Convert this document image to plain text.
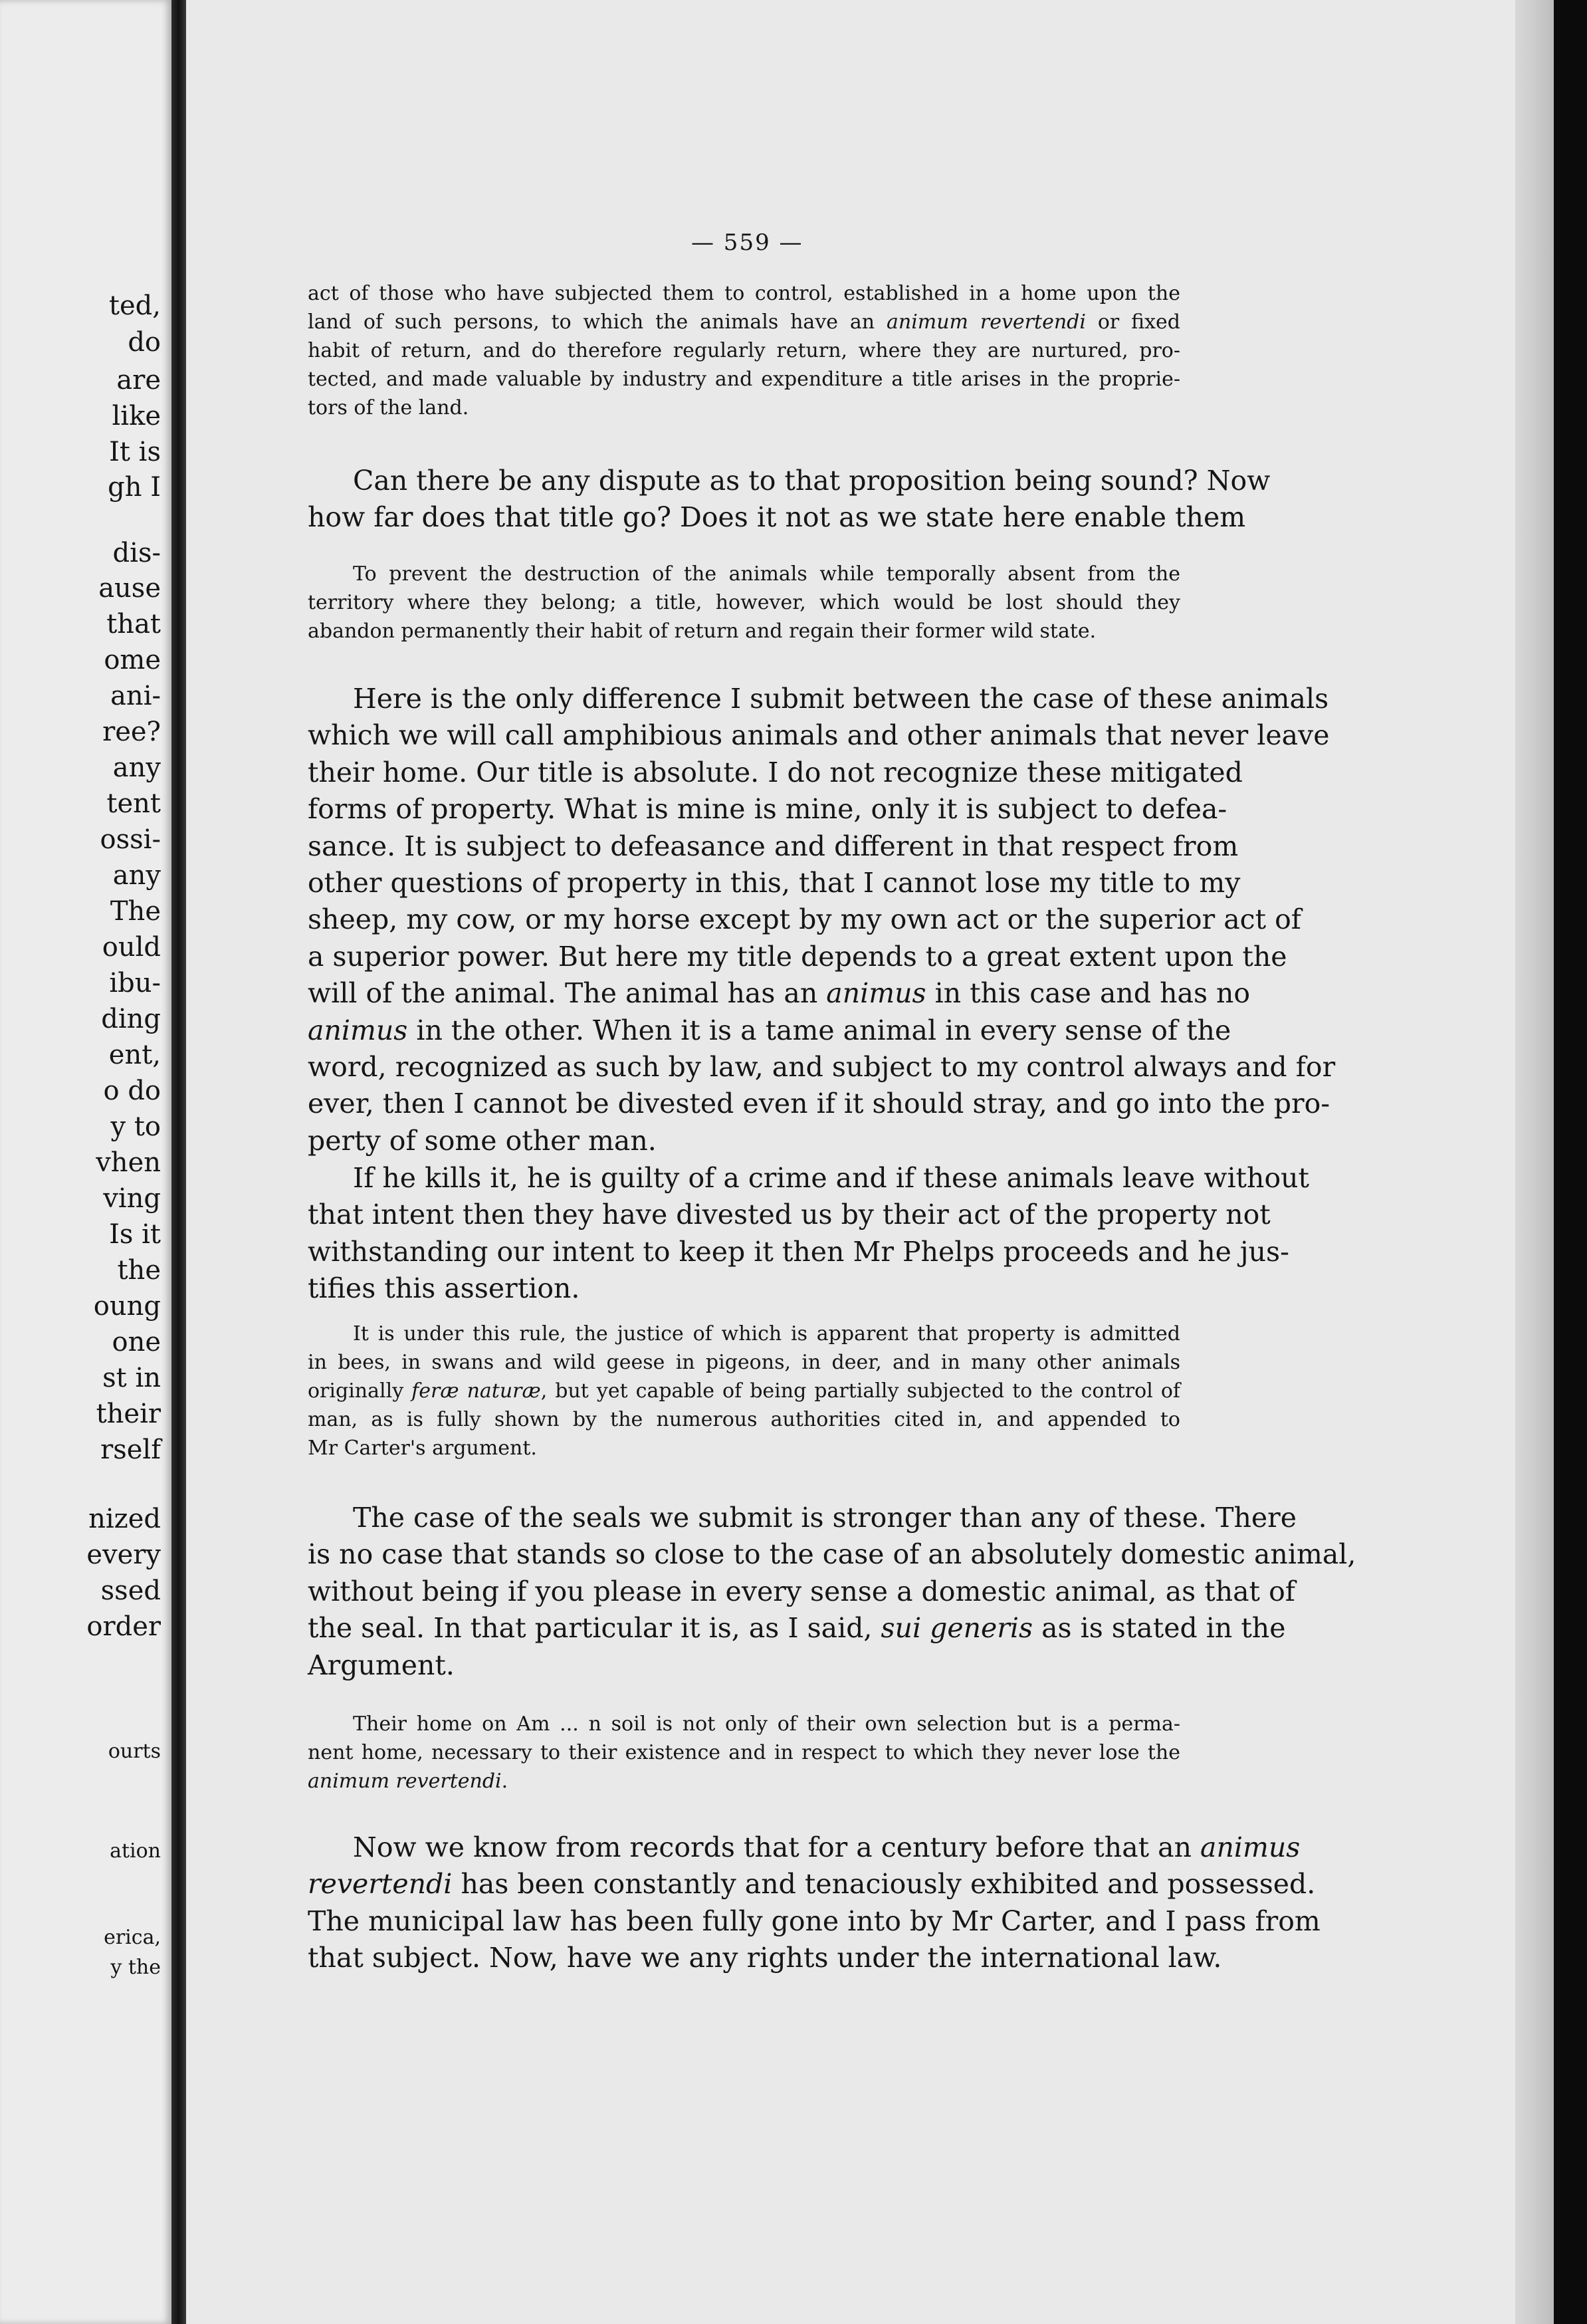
ted,
do
are
like
It is
gh I
dis-
ause
that
ome
ani-
ree?
any
tent
ossi-
any
The
ould
ibu-
ding
ent,
o do
y to
vhen
ving
Is it
the
oung
one
st in
their
rself
nized
every
ssed
order
ourts
ation
erica,
y the
— 559 —
act of those who have subjected them to control, established in a home upon the
land of such persons, to which the animals have an animum revertendi or fixed
habit of return, and do therefore regularly return, where they are nurtured, pro-
tected, and made valuable by industry and expenditure a title arises in the proprie-
tors of the land.
Can there be any dispute as to that proposition being sound? Now
how far does that title go? Does it not as we state here enable them
To prevent the destruction of the animals while temporally absent from the
territory where they belong; a title, however, which would be lost should they
abandon permanently their habit of return and regain their former wild state.
Here is the only difference I submit between the case of these animals
which we will call amphibious animals and other animals that never leave
their home. Our title is absolute. I do not recognize these mitigated
forms of property. What is mine is mine, only it is subject to defea-
sance. It is subject to defeasance and different in that respect from
other questions of property in this, that I cannot lose my title to my
sheep, my cow, or my horse except by my own act or the superior act of
a superior power. But here my title depends to a great extent upon the
will of the animal. The animal has an animus in this case and has no
animus in the other. When it is a tame animal in every sense of the
word, recognized as such by law, and subject to my control always and for
ever, then I cannot be divested even if it should stray, and go into the pro-
perty of some other man.
If he kills it, he is guilty of a crime and if these animals leave without
that intent then they have divested us by their act of the property not
withstanding our intent to keep it then Mr Phelps proceeds and he jus-
tifies this assertion.
It is under this rule, the justice of which is apparent that property is admitted
in bees, in swans and wild geese in pigeons, in deer, and in many other animals
originally feræ naturæ, but yet capable of being partially subjected to the control of
man, as is fully shown by the numerous authorities cited in, and appended to
Mr Carter's argument.
The case of the seals we submit is stronger than any of these. There
is no case that stands so close to the case of an absolutely domestic animal,
without being if you please in every sense a domestic animal, as that of
the seal. In that particular it is, as I said, sui generis as is stated in the
Argument.
Their home on Am ... n soil is not only of their own selection but is a perma-
nent home, necessary to their existence and in respect to which they never lose the
animum revertendi.
Now we know from records that for a century before that an animus
revertendi has been constantly and tenaciously exhibited and possessed.
The municipal law has been fully gone into by Mr Carter, and I pass from
that subject. Now, have we any rights under the international law.
